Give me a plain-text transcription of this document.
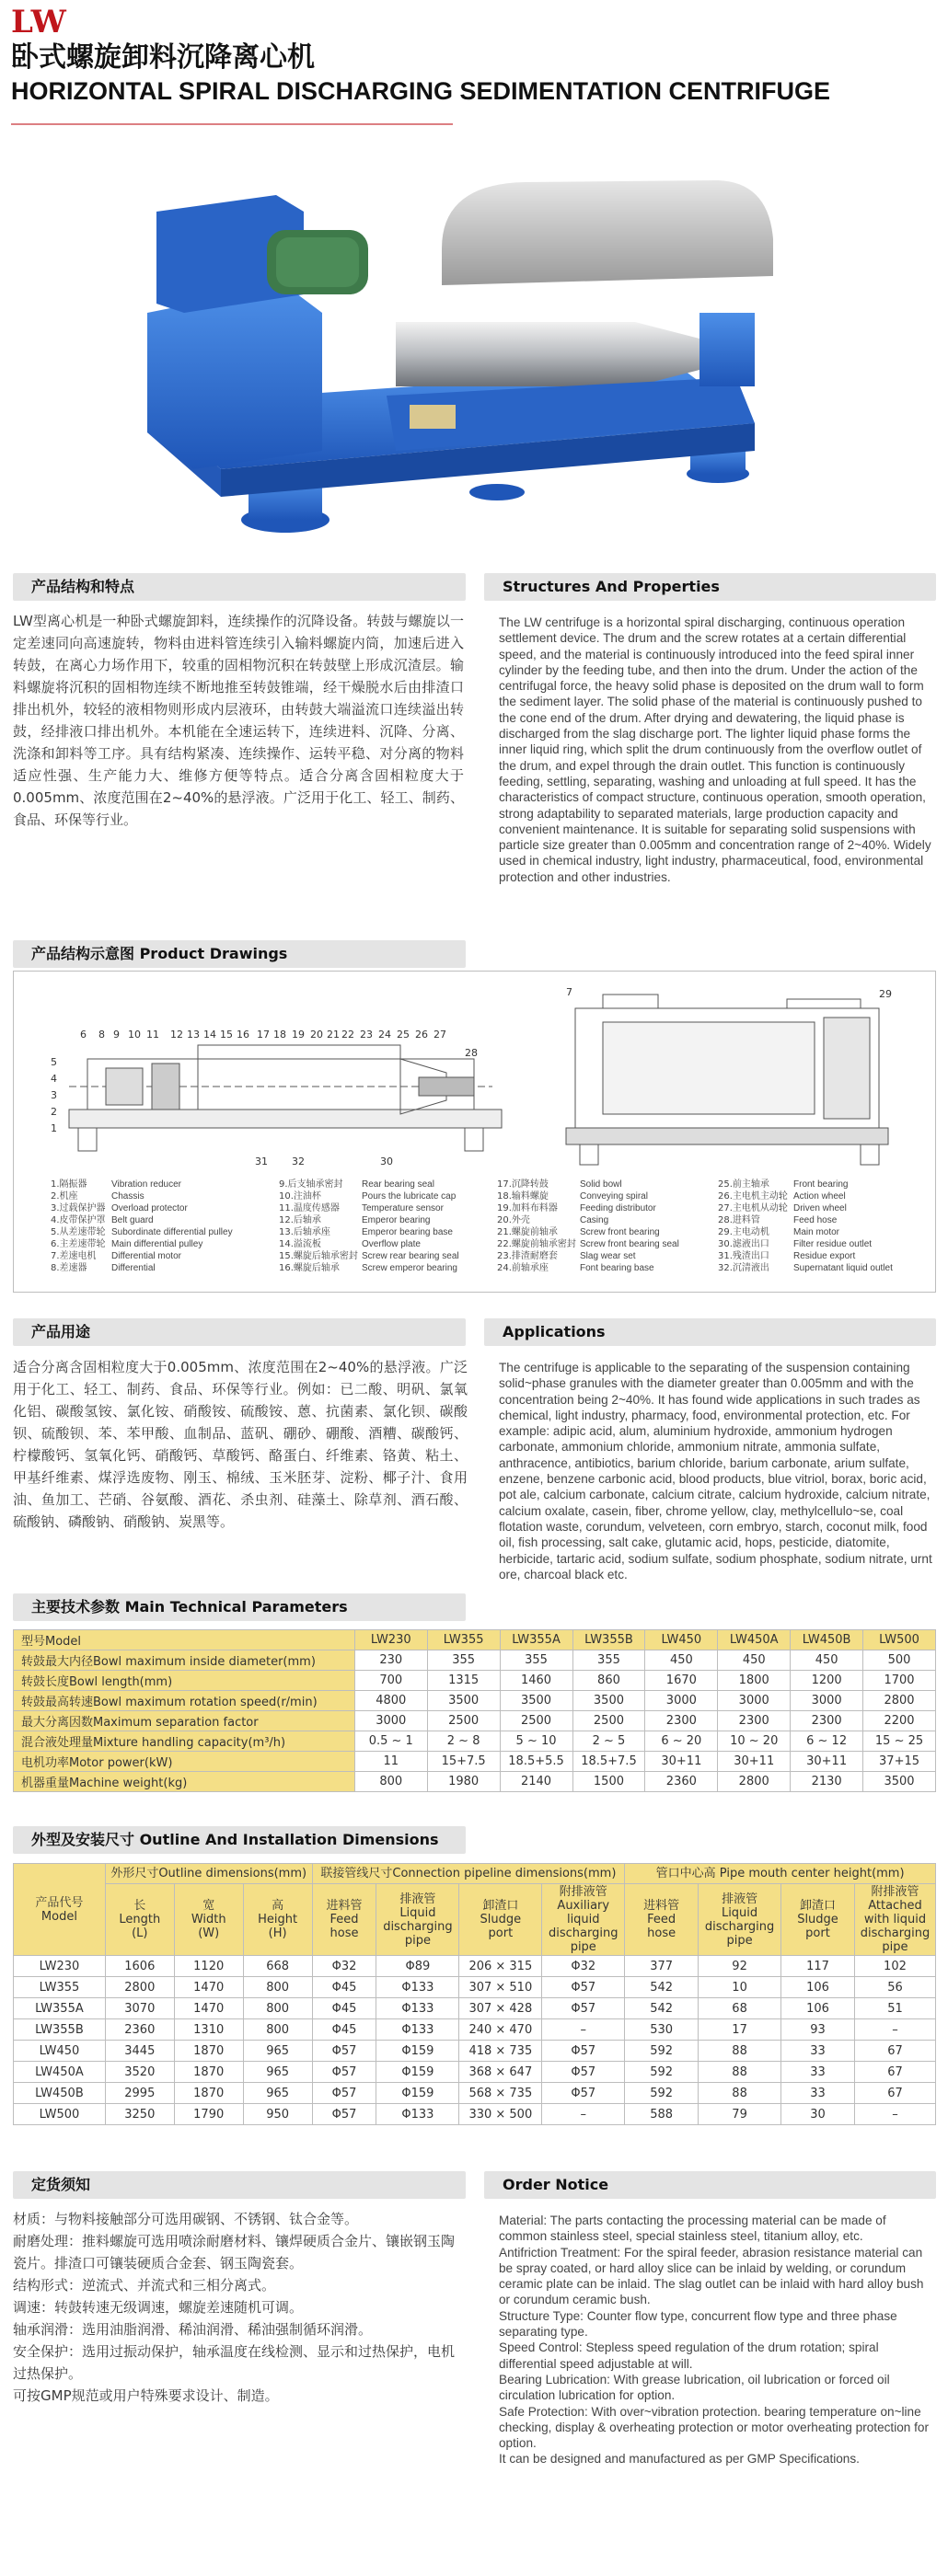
LW
卧式螺旋卸料沉降离心机
HORIZONTAL SPIRAL DISCHARGING SEDIMENTATION CENTRIFUGE
产品结构和特点	Structures And Properties
LW型离心机是一种卧式螺旋卸料，连续操作的沉降设备。转鼓与螺旋以一定差速同向高速旋转，物料由进料管连续引入输料螺旋内筒，加速后进入转鼓，在离心力场作用下，较重的固相物沉积在转鼓壁上形成沉渣层。输料螺旋将沉积的固相物连续不断地推至转鼓锥端，经干燥脱水后由排渣口排出机外，较轻的液相物则形成内层液环，由转鼓大端溢流口连续溢出转鼓，经排液口排出机外。本机能在全速运转下，连续进料、沉降、分离、洗涤和卸料等工序。具有结构紧凑、连续操作、运转平稳、对分离的物料适应性强、生产能力大、维修方便等特点。适合分离含固相粒度大于0.005mm、浓度范围在2~40%的悬浮液。广泛用于化工、轻工、制药、食品、环保等行业。
The LW centrifuge is a horizontal spiral discharging, continuous operation settlement device. The drum and the screw rotates at a certain differential speed, and the material is continuously introduced into the feed spiral inner cylinder by the feeding tube, and then into the drum. Under the action of the centrifugal force, the heavy solid phase is deposited on the drum wall to form the sediment layer. The solid phase of the material is continuously pushed to the cone end of the drum. After drying and dewatering, the liquid phase is discharged from the slag discharge port. The lighter liquid phase forms the inner liquid ring, which split the drum continuously from the overflow outlet of the drum, and expel through the drain outlet. This function is continuously feeding, settling, separating, washing and unloading at full speed. It has the characteristics of compact structure, continuous operation, smooth operation, strong adaptability to separated materials, large production capacity and convenient maintenance. It is suitable for separating solid suspensions with particle size greater than 0.005mm and concentration range of 2~40%. Widely used in chemical industry, light industry, pharmaceutical, food, environmental protection and other industries.
产品结构示意图 Product Drawings
6 8 9 10 11 12 13 14 15 16 17 18 19 20 21 22 23 24 25 26 27
28
31 32	30
5
4
3
2
1
7	29
1.隔振器	Vibration reducer
2.机座	Chassis
3.过载保护器 Overload protector
4.皮带保护罩 Belt guard
5.从差速带轮 Subordinate differential pulley
6.主差速带轮 Main differential pulley
7.差速电机	Differential motor
8.差速器	Differential
9.后支轴承密封	Rear bearing seal
10.注油杯	Pours the lubricate cap
11.温度传感器	Temperature sensor
12.后轴承	Emperor bearing
13.后轴承座	Emperor bearing base
14.溢流板	Overflow plate
15.螺旋后轴承密封 Screw rear bearing seal
16.螺旋后轴承	Screw emperor bearing
17.沉降转鼓	Solid bowl
18.输料螺旋	Conveying spiral
19.加料布料器	Feeding distributor
20.外壳	Casing
21.螺旋前轴承	Screw front bearing
22.螺旋前轴承密封 Screw front bearing seal
23.排渣耐磨套	Slag wear set
24.前轴承座	Font bearing base
25.前主轴承	Front bearing
26.主电机主动轮 Action wheel
27.主电机从动轮 Driven wheel
28.进料管	Feed hose
29.主电动机	Main motor
30.滤液出口	Filter residue outlet
31.残渣出口	Residue export
32.沉清液出	Supernatant liquid outlet
产品用途	Applications
适合分离含固相粒度大于0.005mm、浓度范围在2~40%的悬浮液。广泛用于化工、轻工、制药、食品、环保等行业。例如：已二酸、明矾、氯氧化铝、碳酸氢铵、氯化铵、硝酸铵、硫酸铵、蒽、抗菌素、氯化钡、碳酸钡、硫酸钡、苯、苯甲酸、血制品、蓝矾、硼砂、硼酸、酒糟、碳酸钙、柠檬酸钙、氢氧化钙、硝酸钙、草酸钙、酪蛋白、纤维素、铬黄、粘土、甲基纤维素、煤浮选废物、刚玉、棉绒、玉米胚芽、淀粉、椰子汁、食用油、鱼加工、芒硝、谷氨酸、酒花、杀虫剂、硅藻土、除草剂、酒石酸、硫酸钠、磷酸钠、硝酸钠、炭黑等。
The centrifuge is applicable to the separating of the suspension containing solid~phase granules with the diameter greater than 0.005mm and with the concentration being 2~40%. It has found wide applications in such trades as chemical, light industry, pharmacy, food, environmental protection, etc. For example: adipic acid, alum, aluminium hydroxide, ammonium hydrogen carbonate, ammonium chloride, ammonium nitrate, ammonia sulfate, anthracence, antibiotics, barium chloride, barium carbonate, arium sulfate, enzene, benzene carbonic acid, blood products, blue vitriol, borax, boric acid, pot ale, calcium carbonate, calcium citrate, calcium hydroxide, calcium nitrate, calcium oxalate, casein, fiber, chrome yellow, clay, methylcellulo~se, coal flotation waste, corundum, velveteen, corn embryo, starch, coconut milk, food oil, fish processing, salt cake, glutamic acid, hops, pesticide, diatomite, herbicide, tartaric acid, sodium sulfate, sodium phosphate, sodium nitrate, urnt ore, charcoal black etc.
主要技术参数 Main Technical Parameters
型号Model	LW230	LW355	LW355A	LW355B	LW450	LW450A	LW450B	LW500
转鼓最大内径Bowl maximum inside diameter(mm)	230	355	355	355	450	450	450	500
转鼓长度Bowl length(mm)	700	1315	1460	860	1670	1800	1200	1700
转鼓最高转速Bowl maximum rotation speed(r/min)	4800	3500	3500	3500	3000	3000	3000	2800
最大分离因数Maximum separation factor	3000	2500	2500	2500	2300	2300	2300	2200
混合液处理量Mixture handling capacity(m³/h)	0.5 ~ 1	2 ~ 8	5 ~ 10	2 ~ 5	6 ~ 20	10 ~ 20	6 ~ 12	15 ~ 25
电机功率Motor power(kW)	11	15+7.5	18.5+5.5	18.5+7.5	30+11	30+11	30+11	37+15
机器重量Machine weight(kg)	800	1980	2140	1500	2360	2800	2130	3500
外型及安装尺寸 Outline And Installation Dimensions
产品代号
Model	外形尺寸Outline dimensions(mm)			联接管线尺寸Connection pipeline dimensions(mm)				管口中心高 Pipe mouth center height(mm)			
	长
Length
(L)	宽
Width
(W)	高
Height
(H)	进料管
Feed
hose	排液管
Liquid
discharging
pipe	卸渣口
Sludge
port	附排液管
Auxiliary
liquid
discharging
pipe	进料管
Feed
hose	排液管
Liquid
discharging
pipe	卸渣口
Sludge
port	附排液管
Attached
with liquid
discharging
pipe
LW230	1606	1120	668	Φ32	Φ89	206 × 315	Φ32	377	92	117	102
LW355	2800	1470	800	Φ45	Φ133	307 × 510	Φ57	542	10	106	56
LW355A	3070	1470	800	Φ45	Φ133	307 × 428	Φ57	542	68	106	51
LW355B	2360	1310	800	Φ45	Φ133	240 × 470	–	530	17	93	–
LW450	3445	1870	965	Φ57	Φ159	418 × 735	Φ57	592	88	33	67
LW450A	3520	1870	965	Φ57	Φ159	368 × 647	Φ57	592	88	33	67
LW450B	2995	1870	965	Φ57	Φ159	568 × 735	Φ57	592	88	33	67
LW500	3250	1790	950	Φ57	Φ133	330 × 500	–	588	79	30	–
定货须知	Order Notice
材质：与物料接触部分可选用碳钢、不锈钢、钛合金等。
耐磨处理：推料螺旋可选用喷涂耐磨材料、镶焊硬质合金片、镶嵌钢玉陶瓷片。排渣口可镶装硬质合金套、钢玉陶瓷套。
结构形式：逆流式、并流式和三相分离式。
调速：转鼓转速无级调速，螺旋差速随机可调。
轴承润滑：选用油脂润滑、稀油润滑、稀油强制循环润滑。
安全保护：选用过振动保护，轴承温度在线检测、显示和过热保护，电机过热保护。
可按GMP规范或用户特殊要求设计、制造。
Material: The parts contacting the processing material can be made of common stainless steel, special stainless steel, titanium alloy, etc.
Antifriction Treatment: For the spiral feeder, abrasion resistance material can be spray coated, or hard alloy slice can be inlaid by welding, or corundum ceramic plate can be inlaid. The slag outlet can be inlaid with hard alloy bush or corundum ceramic bush.
Structure Type: Counter flow type, concurrent flow type and three phase separating type.
Speed Control: Stepless speed regulation of the drum rotation; spiral differential speed adjustable at will.
Bearing Lubrication: With grease lubrication, oil lubrication or forced oil circulation lubrication for option.
Safe Protection: With over~vibration protection. bearing temperature on~line checking, display & overheating protection or motor overheating protection for option.
It can be designed and manufactured as per GMP Specifications.
